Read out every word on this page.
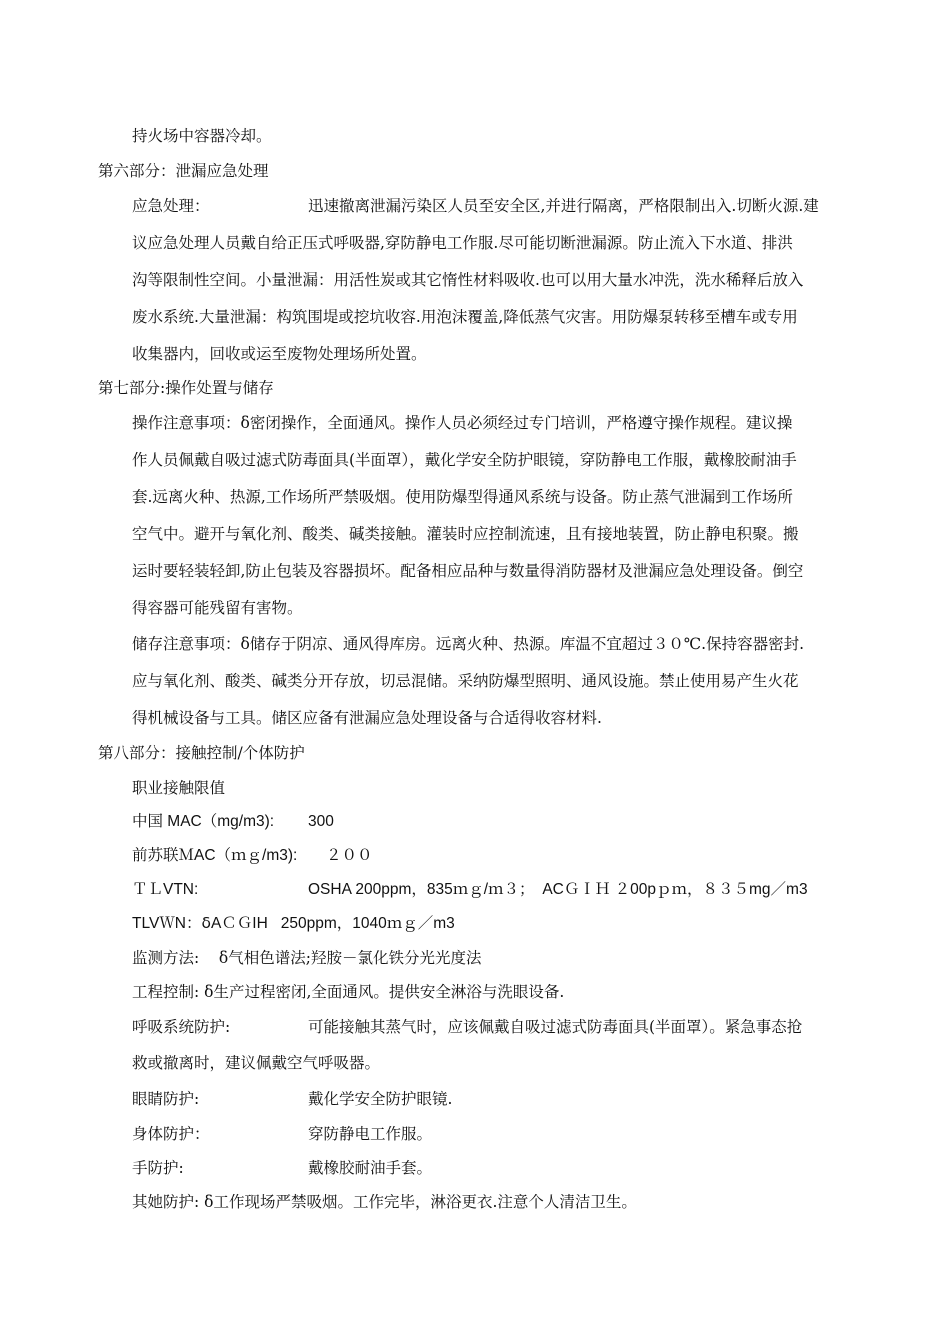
持火场中容器冷却。
第六部分：泄漏应急处理
应急处理：	迅速撤离泄漏污染区人员至安全区,并进行隔离，严格限制出入.切断火源.建
议应急处理人员戴自给正压式呼吸器,穿防静电工作服.尽可能切断泄漏源。防止流入下水道、排洪
沟等限制性空间。小量泄漏：用活性炭或其它惰性材料吸收.也可以用大量水冲洗，洗水稀释后放入
废水系统.大量泄漏：构筑围堤或挖坑收容.用泡沫覆盖,降低蒸气灾害。用防爆泵转移至槽车或专用
收集器内，回收或运至废物处理场所处置。
第七部分:操作处置与储存
操作注意事项：ẟ密闭操作，全面通风。操作人员必须经过专门培训，严格遵守操作规程。建议操
作人员佩戴自吸过滤式防毒面具(半面罩），戴化学安全防护眼镜，穿防静电工作服，戴橡胶耐油手
套.远离火种、热源,工作场所严禁吸烟。使用防爆型得通风系统与设备。防止蒸气泄漏到工作场所
空气中。避开与氧化剂、酸类、碱类接触。灌装时应控制流速，且有接地装置，防止静电积聚。搬
运时要轻装轻卸,防止包装及容器损坏。配备相应品种与数量得消防器材及泄漏应急处理设备。倒空
得容器可能残留有害物。
储存注意事项：ẟ储存于阴凉、通风得库房。远离火种、热源。库温不宜超过３０℃.保持容器密封.
应与氧化剂、酸类、碱类分开存放，切忌混储。采纳防爆型照明、通风设施。禁止使用易产生火花
得机械设备与工具。储区应备有泄漏应急处理设备与合适得收容材料.
第八部分：接触控制/个体防护
职业接触限值
中国 MAC（mg/m3): 300
前苏联ＭAC（ｍｇ/m3): ２００
ＴＬVTN:	OSHA 200ppm，835ｍｇ/ｍ３；  ACＧＩＨ ２00pｐｍ，８３５mg／m3
TLVＷN：ẟAＣＧIH   250ppm，1040ｍｇ／m3
监测方法:    ẟ气相色谱法;羟胺－氯化铁分光光度法
工程控制: ẟ生产过程密闭,全面通风。提供安全淋浴与洗眼设备.
呼吸系统防护:	可能接触其蒸气时，应该佩戴自吸过滤式防毒面具(半面罩）。紧急事态抢
救或撤离时，建议佩戴空气呼吸器。
眼睛防护:	戴化学安全防护眼镜.
身体防护：	穿防静电工作服。
手防护:	戴橡胶耐油手套。
其她防护: ẟ工作现场严禁吸烟。工作完毕，淋浴更衣.注意个人清洁卫生。
